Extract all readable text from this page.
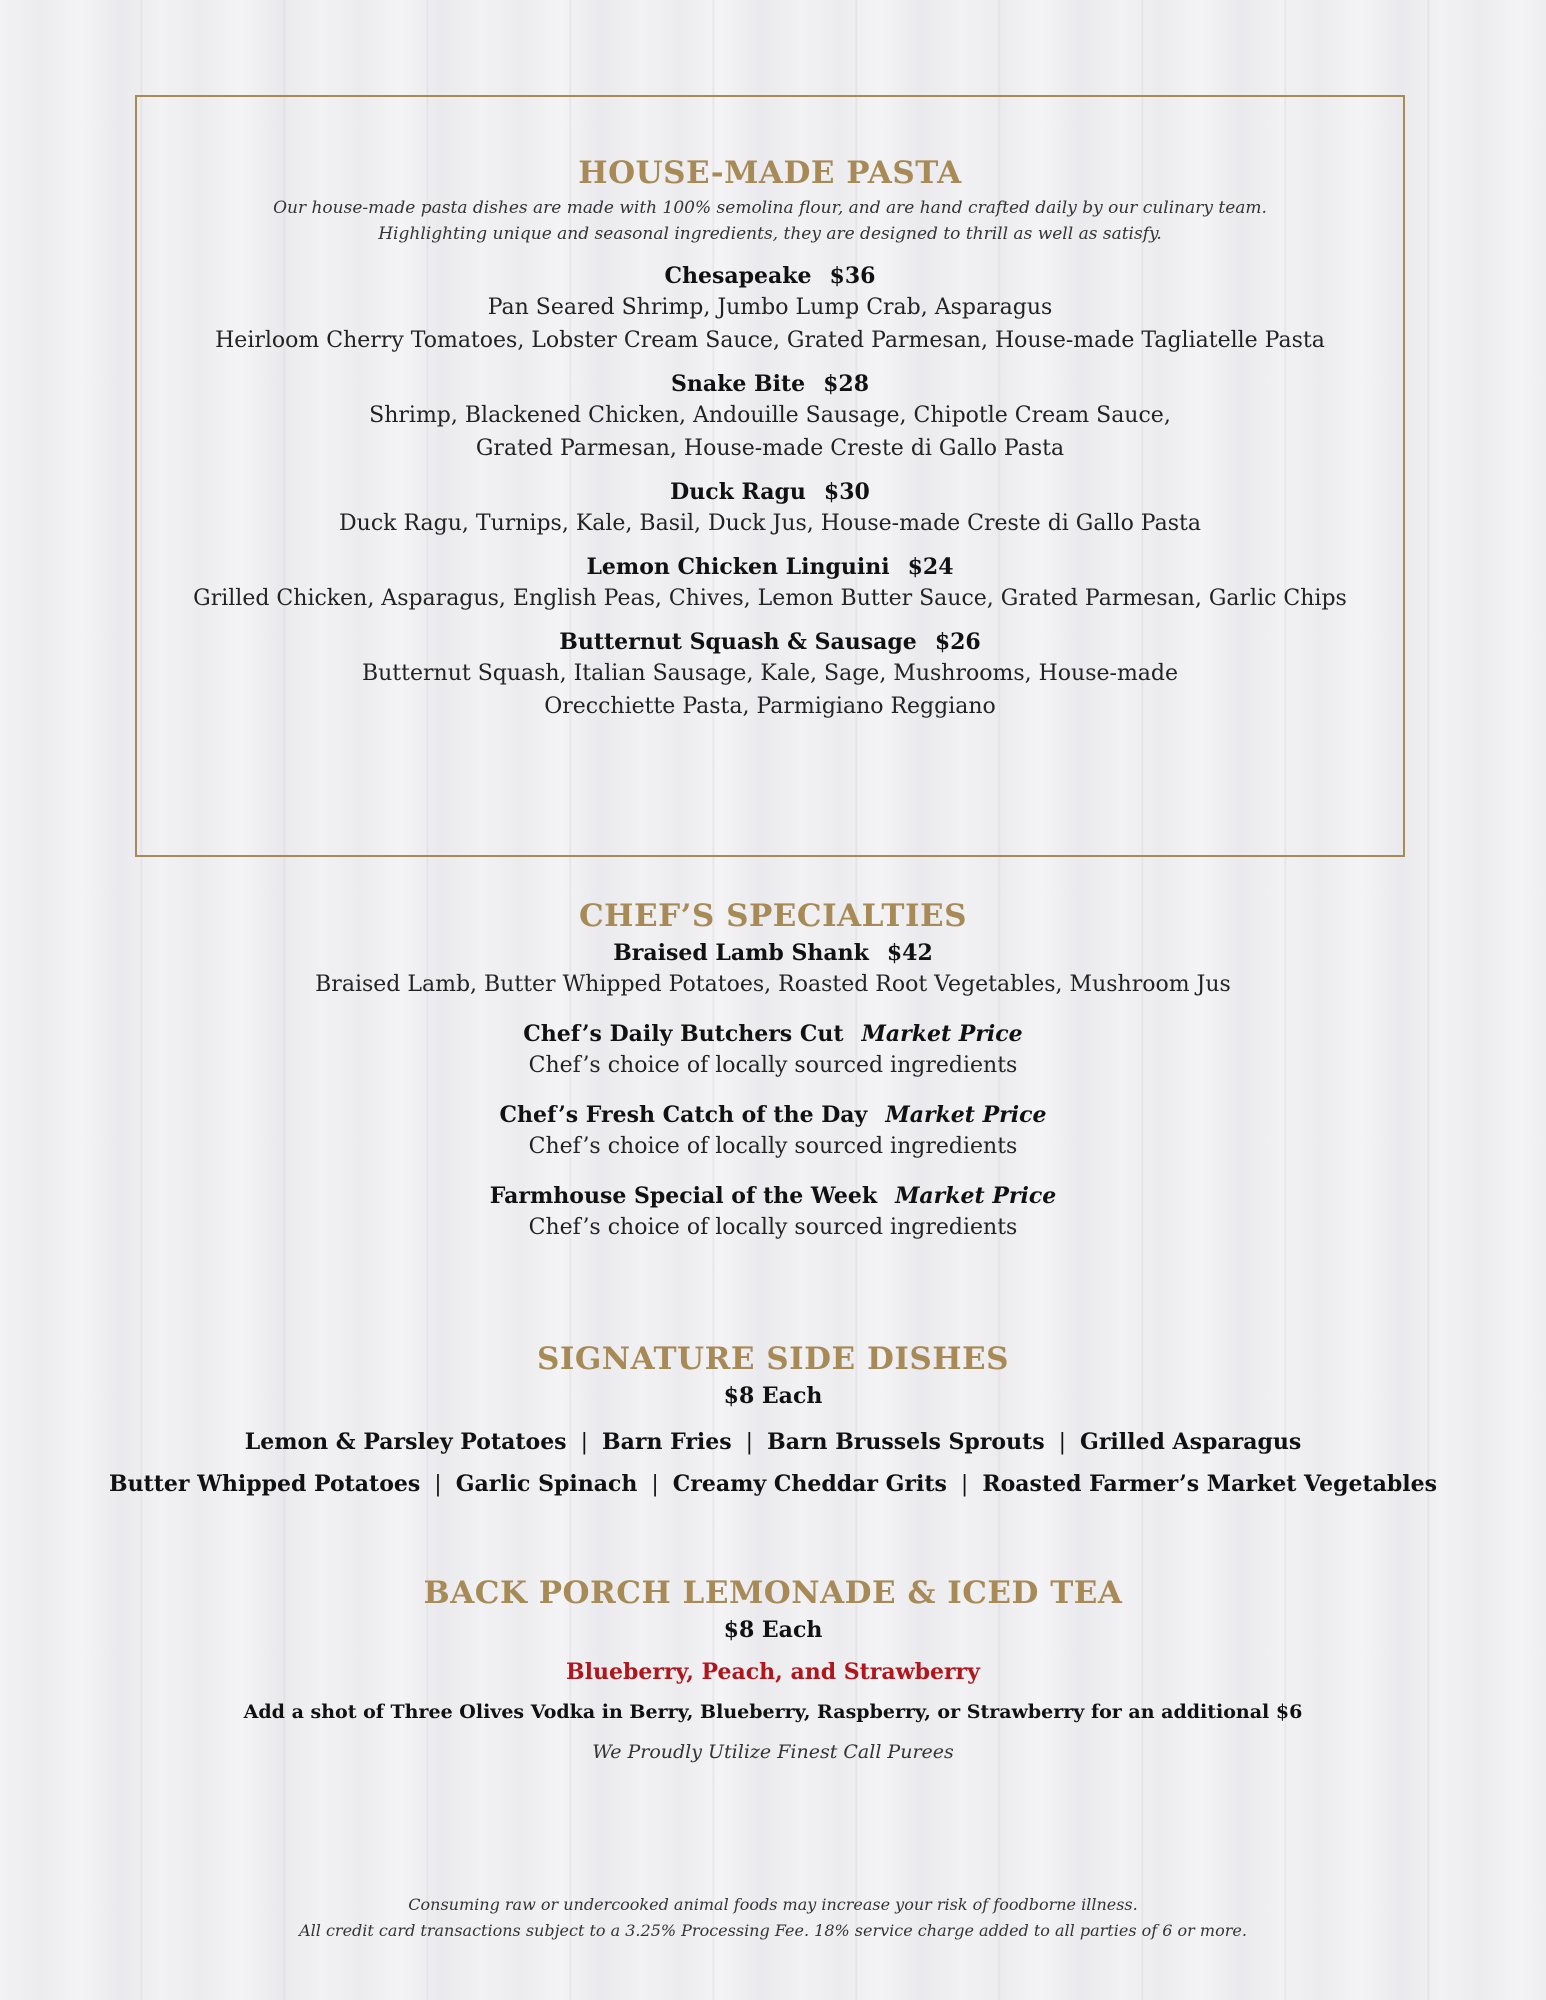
HOUSE-MADE PASTA

Our house-made pasta dishes are made with 100% semolina flour, and are hand crafted daily by our culinary team.

Highlighting unique and seasonal ingredients, they are designed to thrill as well as satisfy.

Chesapeake $36

Pan Seared Shrimp, Jumbo Lump Crab, Asparagus

Heirloom Cherry Tomatoes, Lobster Cream Sauce, Grated Parmesan, House-made Tagliatelle Pasta

Snake Bite $28

Shrimp, Blackened Chicken, Andouille Sausage, Chipotle Cream Sauce,

Grated Parmesan, House-made Creste di Gallo Pasta

Duck Ragu $30

Duck Ragu, Turnips, Kale, Basil, Duck Jus, House-made Creste di Gallo Pasta

Lemon Chicken Linguini $24

Grilled Chicken, Asparagus, English Peas, Chives, Lemon Butter Sauce, Grated Parmesan, Garlic Chips

Butternut Squash & Sausage $26

Butternut Squash, Italian Sausage, Kale, Sage, Mushrooms, House-made

Orecchiette Pasta, Parmigiano Reggiano

CHEF’S SPECIALTIES

Braised Lamb Shank $42

Braised Lamb, Butter Whipped Potatoes, Roasted Root Vegetables, Mushroom Jus

Chef’s Daily Butchers Cut Market Price

Chef’s choice of locally sourced ingredients

Chef’s Fresh Catch of the Day Market Price

Chef’s choice of locally sourced ingredients

Farmhouse Special of the Week Market Price

Chef’s choice of locally sourced ingredients

SIGNATURE SIDE DISHES

$8 Each

Lemon & Parsley Potatoes | Barn Fries | Barn Brussels Sprouts | Grilled Asparagus

Butter Whipped Potatoes | Garlic Spinach | Creamy Cheddar Grits | Roasted Farmer’s Market Vegetables

BACK PORCH LEMONADE & ICED TEA

$8 Each

Blueberry, Peach, and Strawberry

Add a shot of Three Olives Vodka in Berry, Blueberry, Raspberry, or Strawberry for an additional $6

We Proudly Utilize Finest Call Purees

Consuming raw or undercooked animal foods may increase your risk of foodborne illness.

All credit card transactions subject to a 3.25% Processing Fee. 18% service charge added to all parties of 6 or more.
